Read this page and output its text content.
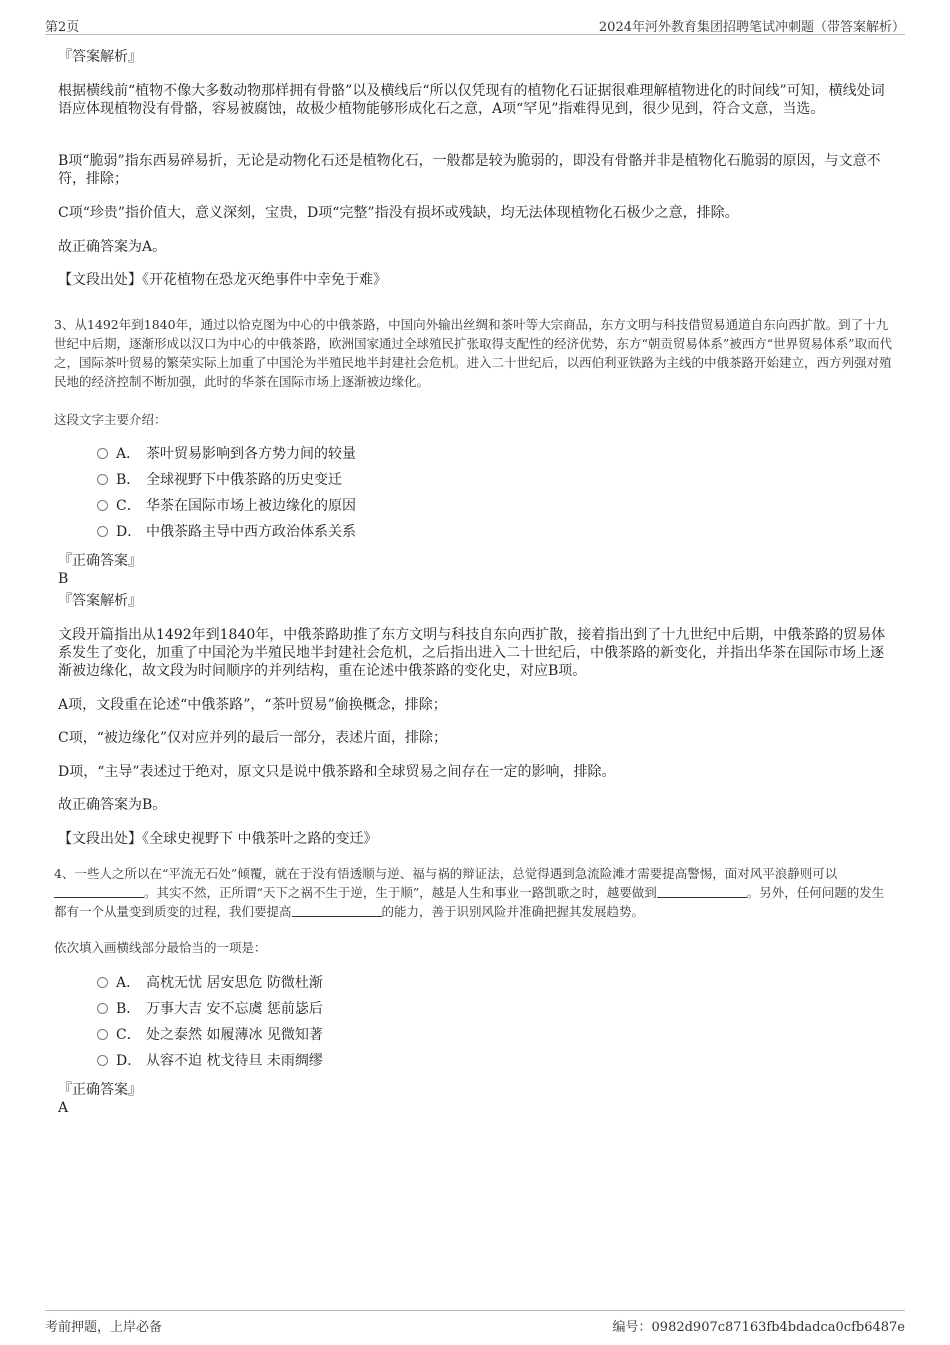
第2页	2024年河外教育集团招聘笔试冲刺题（带答案解析）
『答案解析』
根据横线前“植物不像大多数动物那样拥有骨骼”以及横线后“所以仅凭现有的植物化石证据很难理解植物进化的时间线”可知，横线处词语应体现植物没有骨骼，容易被腐蚀，故极少植物能够形成化石之意，A项“罕见”指难得见到，很少见到，符合文意，当选。
B项“脆弱”指东西易碎易折，无论是动物化石还是植物化石，一般都是较为脆弱的，即没有骨骼并非是植物化石脆弱的原因，与文意不符，排除；
C项“珍贵”指价值大，意义深刻，宝贵，D项“完整”指没有损坏或残缺，均无法体现植物化石极少之意，排除。
故正确答案为A。
【文段出处】《开花植物在恐龙灭绝事件中幸免于难》
3、从1492年到1840年，通过以恰克图为中心的中俄茶路，中国向外输出丝绸和茶叶等大宗商品，东方文明与科技借贸易通道自东向西扩散。到了十九世纪中后期，逐渐形成以汉口为中心的中俄茶路，欧洲国家通过全球殖民扩张取得支配性的经济优势，东方“朝贡贸易体系”被西方“世界贸易体系”取而代之，国际茶叶贸易的繁荣实际上加重了中国沦为半殖民地半封建社会危机。进入二十世纪后，以西伯利亚铁路为主线的中俄茶路开始建立，西方列强对殖民地的经济控制不断加强，此时的华茶在国际市场上逐渐被边缘化。
这段文字主要介绍：
A． 茶叶贸易影响到各方势力间的较量
B． 全球视野下中俄茶路的历史变迁
C． 华茶在国际市场上被边缘化的原因
D． 中俄茶路主导中西方政治体系关系
『正确答案』
B
『答案解析』
文段开篇指出从1492年到1840年，中俄茶路助推了东方文明与科技自东向西扩散，接着指出到了十九世纪中后期，中俄茶路的贸易体系发生了变化，加重了中国沦为半殖民地半封建社会危机，之后指出进入二十世纪后，中俄茶路的新变化，并指出华茶在国际市场上逐渐被边缘化，故文段为时间顺序的并列结构，重在论述中俄茶路的变化史，对应B项。
A项，文段重在论述“中俄茶路”，“茶叶贸易”偷换概念，排除；
C项，“被边缘化”仅对应并列的最后一部分，表述片面，排除；
D项，“主导”表述过于绝对，原文只是说中俄茶路和全球贸易之间存在一定的影响，排除。
故正确答案为B。
【文段出处】《全球史视野下 中俄茶叶之路的变迁》
4、一些人之所以在“平流无石处”倾覆，就在于没有悟透顺与逆、福与祸的辩证法，总觉得遇到急流险滩才需要提高警惕，面对风平浪静则可以。其实不然，正所谓“天下之祸不生于逆，生于顺”，越是人生和事业一路凯歌之时，越要做到	。另外，任何问题的发生都有一个从量变到质变的过程，我们要提高	的能力，善于识别风险并准确把握其发展趋势。
依次填入画横线部分最恰当的一项是：
A． 高枕无忧 居安思危 防微杜渐
B． 万事大吉 安不忘虞 惩前毖后
C． 处之泰然 如履薄冰 见微知著
D． 从容不迫 枕戈待旦 未雨绸缪
『正确答案』
A
考前押题，上岸必备	编号：0982d907c87163fb4bdadca0cfb6487e
